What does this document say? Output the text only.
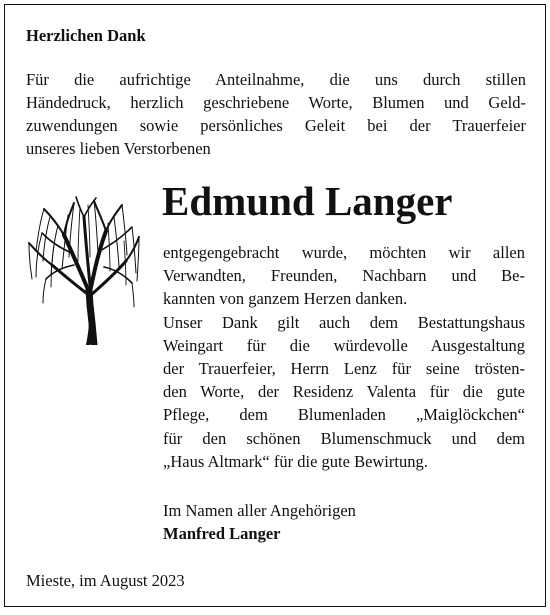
Herzlichen Dank
Für die aufrichtige Anteilnahme, die uns durch stillen
Händedruck, herzlich geschriebene Worte, Blumen und Geld-
zuwendungen sowie persönliches Geleit bei der Trauerfeier
unseres lieben Verstorbenen
Edmund Langer
entgegengebracht wurde, möchten wir allen
Verwandten, Freunden, Nachbarn und Be-
kannten von ganzem Herzen danken.
Unser Dank gilt auch dem Bestattungshaus
Weingart für die würdevolle Ausgestaltung
der Trauerfeier, Herrn Lenz für seine trösten-
den Worte, der Residenz Valenta für die gute
Pflege, dem Blumenladen „Maiglöckchen“
für den schönen Blumenschmuck und dem
„Haus Altmark“ für die gute Bewirtung.
Im Namen aller Angehörigen
Manfred Langer
Mieste, im August 2023
